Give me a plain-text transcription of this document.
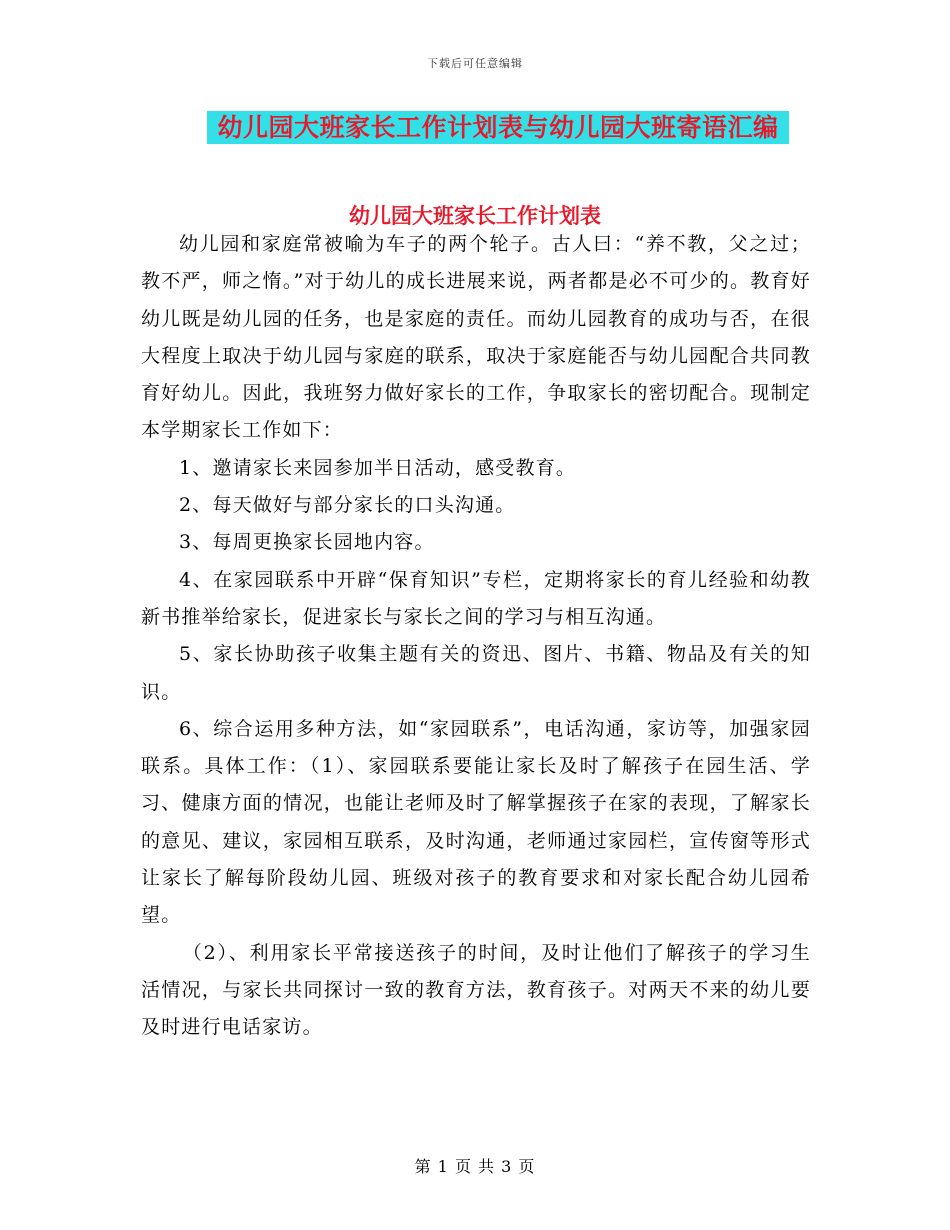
下载后可任意编辑
幼儿园大班家长工作计划表与幼儿园大班寄语汇编
幼儿园大班家长工作计划表

幼儿园和家庭常被喻为车子的两个轮子。古人曰：“养不教，父之过；教不严，师之惰。”对于幼儿的成长进展来说，两者都是必不可少的。教育好幼儿既是幼儿园的任务，也是家庭的责任。而幼儿园教育的成功与否，在很大程度上取决于幼儿园与家庭的联系，取决于家庭能否与幼儿园配合共同教育好幼儿。因此，我班努力做好家长的工作，争取家长的密切配合。现制定本学期家长工作如下：

1、邀请家长来园参加半日活动，感受教育。

2、每天做好与部分家长的口头沟通。

3、每周更换家长园地内容。

4、在家园联系中开辟“保育知识”专栏，定期将家长的育儿经验和幼教新书推举给家长，促进家长与家长之间的学习与相互沟通。

5、家长协助孩子收集主题有关的资迅、图片、书籍、物品及有关的知识。

6、综合运用多种方法，如“家园联系”，电话沟通，家访等，加强家园联系。具体工作：（1）、家园联系要能让家长及时了解孩子在园生活、学习、健康方面的情况，也能让老师及时了解掌握孩子在家的表现，了解家长的意见、建议，家园相互联系，及时沟通，老师通过家园栏，宣传窗等形式让家长了解每阶段幼儿园、班级对孩子的教育要求和对家长配合幼儿园希望。

（2）、利用家长平常接送孩子的时间，及时让他们了解孩子的学习生活情况，与家长共同探讨一致的教育方法，教育孩子。对两天不来的幼儿要及时进行电话家访。

第 1 页 共 3 页
